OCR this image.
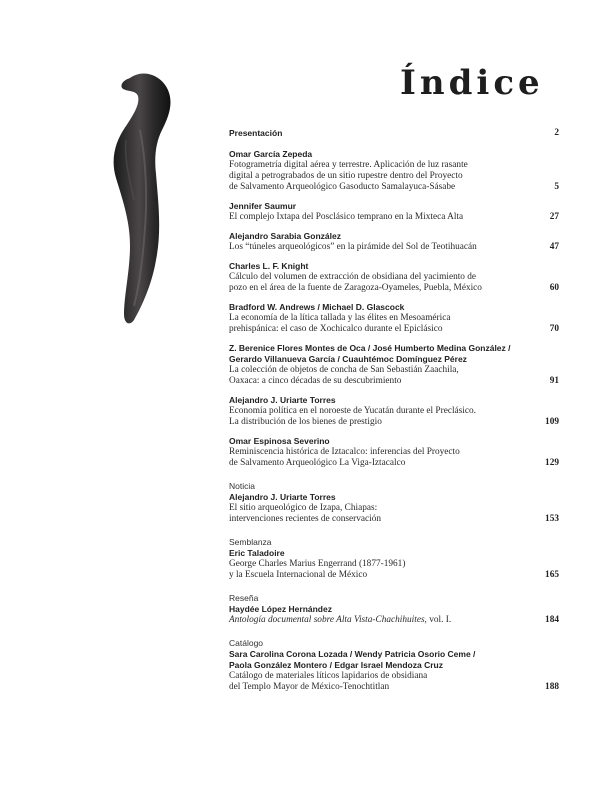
Índice
Presentación	2
Omar García Zepeda
Fotogrametría digital aérea y terrestre. Aplicación de luz rasante
digital a petrograbados de un sitio rupestre dentro del Proyecto
de Salvamento Arqueológico Gasoducto Samalayuca-Sásabe	5
Jennifer Saumur
El complejo Ixtapa del Posclásico temprano en la Mixteca Alta	27
Alejandro Sarabia González
Los “túneles arqueológicos” en la pirámide del Sol de Teotihuacán	47
Charles L. F. Knight
Cálculo del volumen de extracción de obsidiana del yacimiento de
pozo en el área de la fuente de Zaragoza-Oyameles, Puebla, México	60
Bradford W. Andrews / Michael D. Glascock
La economía de la lítica tallada y las élites en Mesoamérica
prehispánica: el caso de Xochicalco durante el Epiclásico	70
Z. Berenice Flores Montes de Oca / José Humberto Medina González /
Gerardo Villanueva García / Cuauhtémoc Domínguez Pérez
La colección de objetos de concha de San Sebastián Zaachila,
Oaxaca: a cinco décadas de su descubrimiento	91
Alejandro J. Uriarte Torres
Economía política en el noroeste de Yucatán durante el Preclásico.
La distribución de los bienes de prestigio	109
Omar Espinosa Severino
Reminiscencia histórica de Iztacalco: inferencias del Proyecto
de Salvamento Arqueológico La Viga-Iztacalco	129
Noticia
Alejandro J. Uriarte Torres
El sitio arqueológico de Izapa, Chiapas:
intervenciones recientes de conservación	153
Semblanza
Eric Taladoire
George Charles Marius Engerrand (1877-1961)
y la Escuela Internacional de México	165
Reseña
Haydée López Hernández
Antología documental sobre Alta Vista-Chachihuites, vol. I.	184
Catálogo
Sara Carolina Corona Lozada / Wendy Patricia Osorio Ceme /
Paola González Montero / Edgar Israel Mendoza Cruz
Catálogo de materiales líticos lapidarios de obsidiana
del Templo Mayor de México-Tenochtitlan	188
